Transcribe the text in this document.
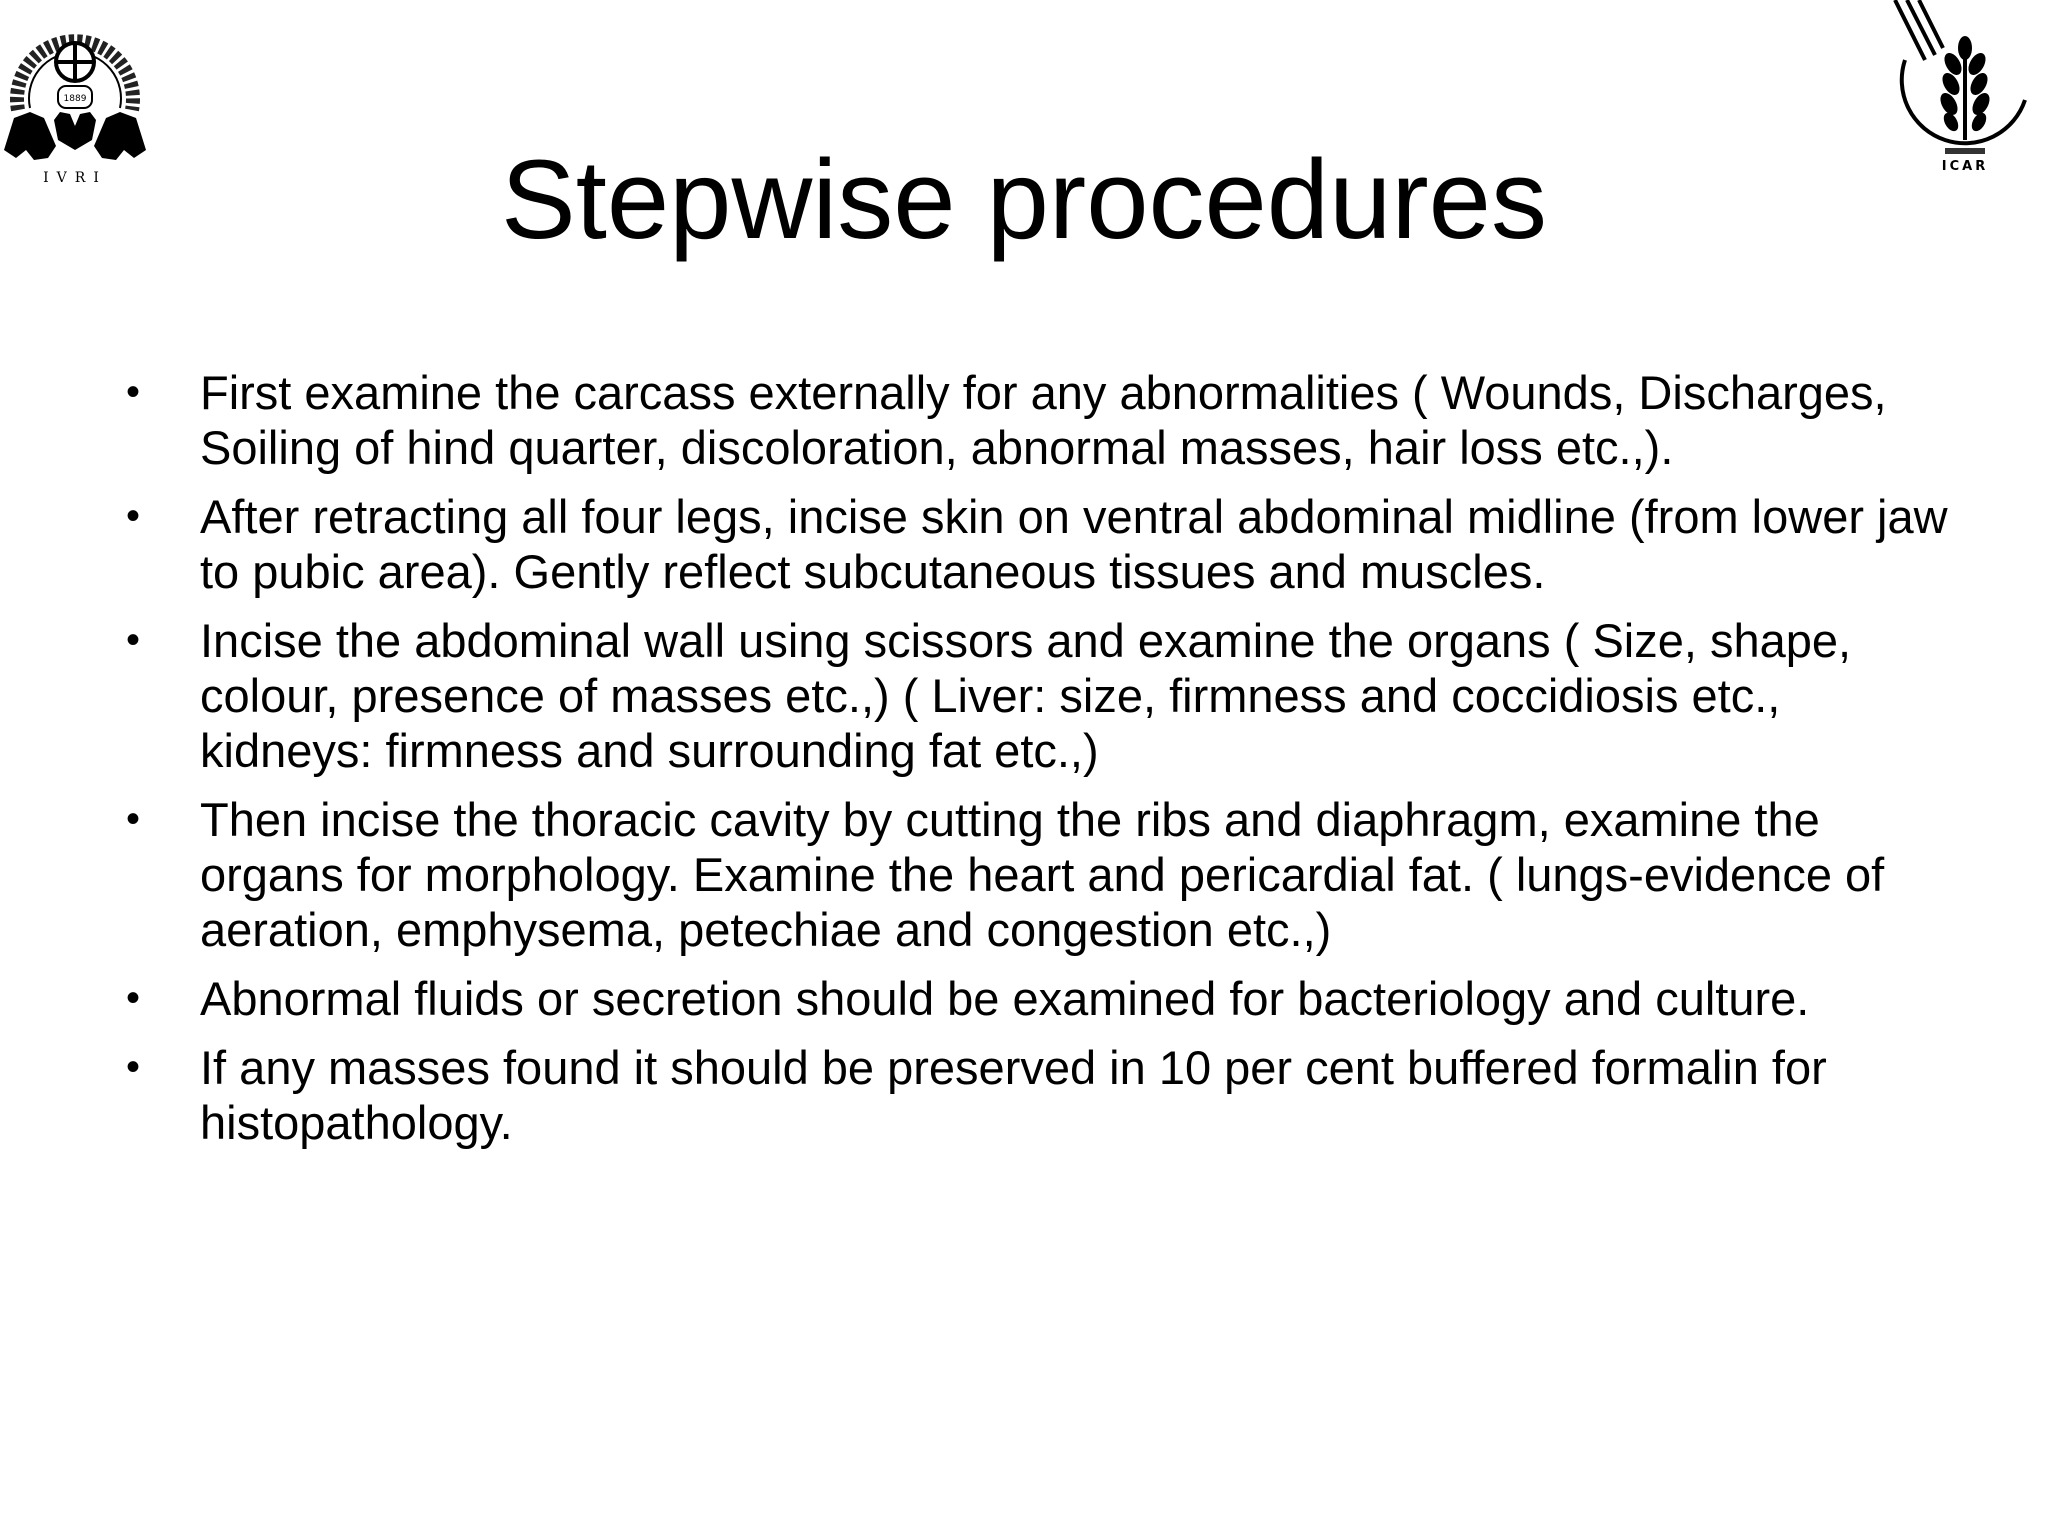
1889
IVRI
ICAR
Stepwise procedures
• First examine the carcass externally for any abnormalities ( Wounds, Discharges, Soiling of hind quarter, discoloration, abnormal masses, hair loss etc.,).
• After retracting all four legs, incise skin on ventral abdominal midline (from lower jaw to pubic area). Gently reflect subcutaneous tissues and muscles.
• Incise the abdominal wall using scissors and examine the organs ( Size, shape, colour, presence of masses etc.,) ( Liver: size, firmness and coccidiosis etc., kidneys: firmness and surrounding fat etc.,)
• Then incise the thoracic cavity by cutting the ribs and diaphragm, examine the organs for morphology. Examine the heart and pericardial fat. ( lungs-evidence of aeration, emphysema, petechiae and congestion etc.,)
• Abnormal fluids or secretion should be examined for bacteriology and culture.
• If any masses found it should be preserved in 10 per cent buffered formalin for histopathology.
